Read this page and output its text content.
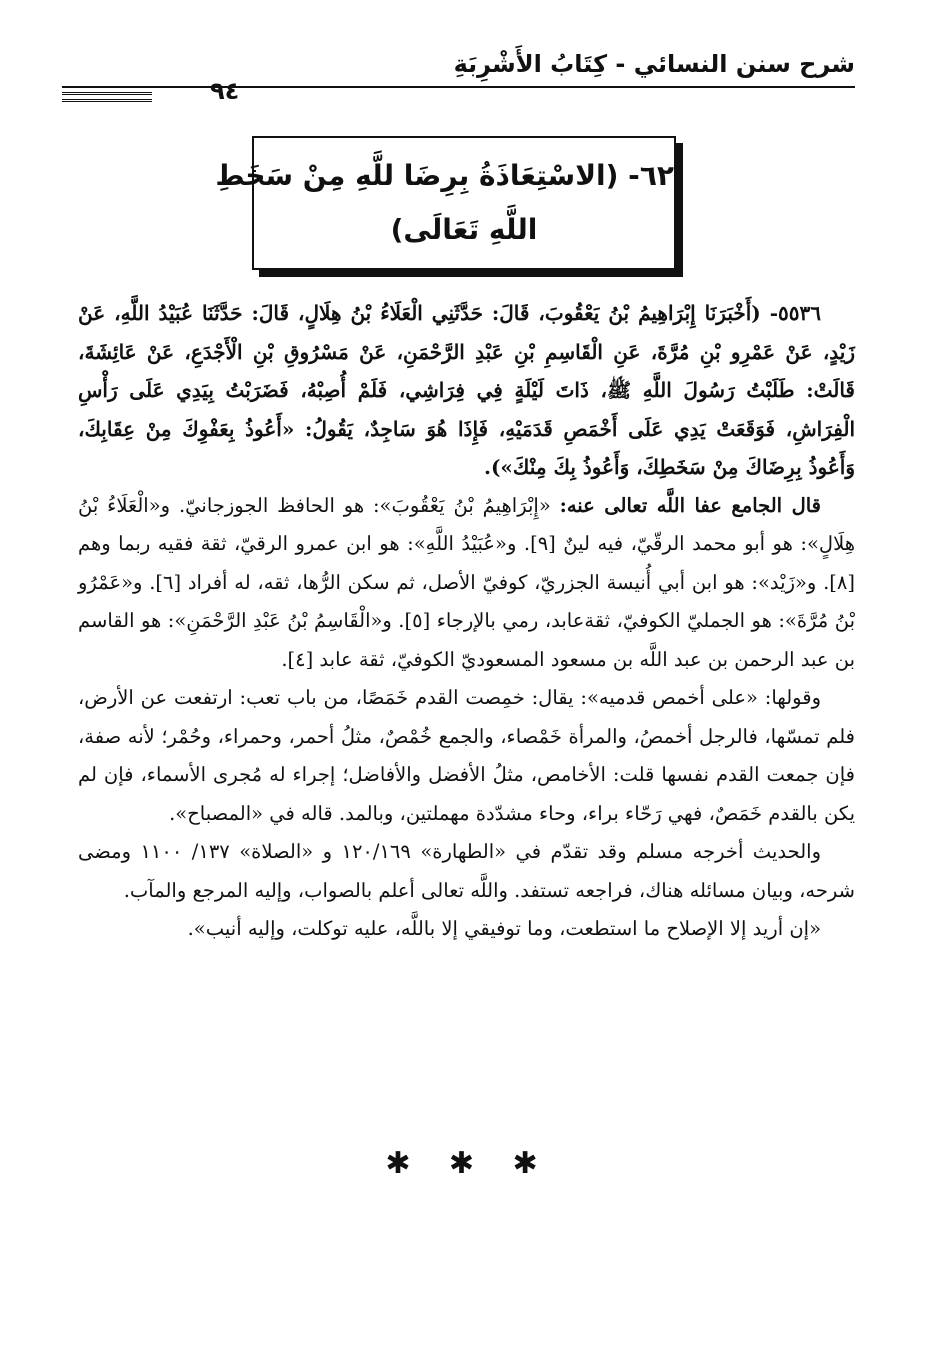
شرح سنن النسائي - كِتَابُ الأَشْرِبَةِ
٩٤
٦٢- (الاسْتِعَاذَةُ بِرِضَا للَّهِ مِنْ سَخَطِ
اللَّهِ تَعَالَى)

٥٥٣٦- (أَخْبَرَنَا إِبْرَاهِيمُ بْنُ يَعْقُوبَ، قَالَ: حَدَّثَنِي الْعَلَاءُ بْنُ هِلَالٍ، قَالَ: حَدَّثَنَا عُبَيْدُ اللَّهِ، عَنْ زَيْدٍ، عَنْ عَمْرِو بْنِ مُرَّةَ، عَنِ الْقَاسِمِ بْنِ عَبْدِ الرَّحْمَنِ، عَنْ مَسْرُوقِ بْنِ الْأَجْدَعِ، عَنْ عَائِشَةَ، قَالَتْ: طَلَبْتُ رَسُولَ اللَّهِ ﷺ، ذَاتَ لَيْلَةٍ فِي فِرَاشِي، فَلَمْ أُصِبْهُ، فَضَرَبْتُ بِيَدِي عَلَى رَأْسِ الْفِرَاشِ، فَوَقَعَتْ يَدِي عَلَى أَخْمَصِ قَدَمَيْهِ، فَإِذَا هُوَ سَاجِدٌ، يَقُولُ: «أَعُوذُ بِعَفْوِكَ مِنْ عِقَابِكَ، وَأَعُوذُ بِرِضَاكَ مِنْ سَخَطِكَ، وَأَعُوذُ بِكَ مِنْكَ»).

قال الجامع عفا اللَّه تعالى عنه: «إِبْرَاهِيمُ بْنُ يَعْقُوبَ»: هو الحافظ الجوزجانيّ. و«الْعَلَاءُ بْنُ هِلَالٍ»: هو أبو محمد الرقّيّ، فيه لينٌ [٩]. و«عُبَيْدُ اللَّهِ»: هو ابن عمرو الرقيّ، ثقة فقيه ربما وهم [٨]. و«زَيْد»: هو ابن أبي أُنيسة الجزريّ، كوفيّ الأصل، ثم سكن الرُّها، ثقه، له أفراد [٦]. و«عَمْرُو بْنُ مُرَّةَ»: هو الجمليّ الكوفيّ، ثقةعابد، رمي بالإرجاء [٥]. و«الْقَاسِمُ بْنُ عَبْدِ الرَّحْمَنِ»: هو القاسم بن عبد الرحمن بن عبد اللَّه بن مسعود المسعوديّ الكوفيّ، ثقة عابد [٤].

وقولها: «على أخمص قدميه»: يقال: خمِصت القدم خَمَصًا، من باب تعب: ارتفعت عن الأرض، فلم تمسّها، فالرجل أخمصُ، والمرأة خَمْصاء، والجمع خُمْصٌ، مثلُ أحمر، وحمراء، وحُمْر؛ لأنه صفة، فإن جمعت القدم نفسها قلت: الأخامص، مثلُ الأفضل والأفاضل؛ إجراء له مُجرى الأسماء، فإن لم يكن بالقدم خَمَصٌ، فهي رَحّاء براء، وحاء مشدّدة مهملتين، وبالمد. قاله في «المصباح».

والحديث أخرجه مسلم وقد تقدّم في «الطهارة» ١٢٠/١٦٩ و «الصلاة» ١٣٧/ ١١٠٠ ومضى شرحه، وبيان مسائله هناك، فراجعه تستفد. واللَّه تعالى أعلم بالصواب، وإليه المرجع والمآب.

«إن أريد إلا الإصلاح ما استطعت، وما توفيقي إلا باللَّه، عليه توكلت، وإليه أنيب».

✱ ✱ ✱
